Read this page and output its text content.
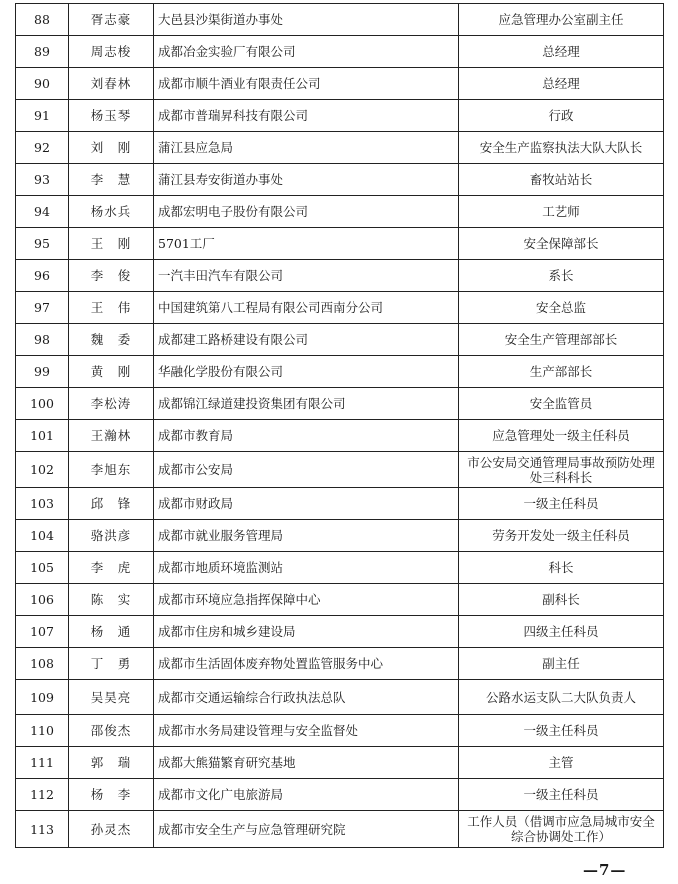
88	胥志豪	大邑县沙渠街道办事处	应急管理办公室副主任
89	周志梭	成都冶金实验厂有限公司	总经理
90	刘春林	成都市顺牛酒业有限责任公司	总经理
91	杨玉琴	成都市普瑞昇科技有限公司	行政
92	刘　刚	蒲江县应急局	安全生产监察执法大队大队长
93	李　慧	蒲江县寿安街道办事处	畜牧站站长
94	杨水兵	成都宏明电子股份有限公司	工艺师
95	王　刚	5701工厂	安全保障部长
96	李　俊	一汽丰田汽车有限公司	系长
97	王　伟	中国建筑第八工程局有限公司西南分公司	安全总监
98	魏　委	成都建工路桥建设有限公司	安全生产管理部部长
99	黄　刚	华融化学股份有限公司	生产部部长
100	李松涛	成都锦江绿道建投资集团有限公司	安全监管员
101	王瀚林	成都市教育局	应急管理处一级主任科员
102	李旭东	成都市公安局	市公安局交通管理局事故预防处理处三科科长
103	邱　锋	成都市财政局	一级主任科员
104	骆洪彦	成都市就业服务管理局	劳务开发处一级主任科员
105	李　虎	成都市地质环境监测站	科长
106	陈　实	成都市环境应急指挥保障中心	副科长
107	杨　通	成都市住房和城乡建设局	四级主任科员
108	丁　勇	成都市生活固体废弃物处置监管服务中心	副主任
109	吴昊亮	成都市交通运输综合行政执法总队	公路水运支队二大队负责人
110	邵俊杰	成都市水务局建设管理与安全监督处	一级主任科员
111	郭　瑞	成都大熊猫繁育研究基地	主管
112	杨　李	成都市文化广电旅游局	一级主任科员
113	孙灵杰	成都市安全生产与应急管理研究院	工作人员（借调市应急局城市安全综合协调处工作）
—7—
